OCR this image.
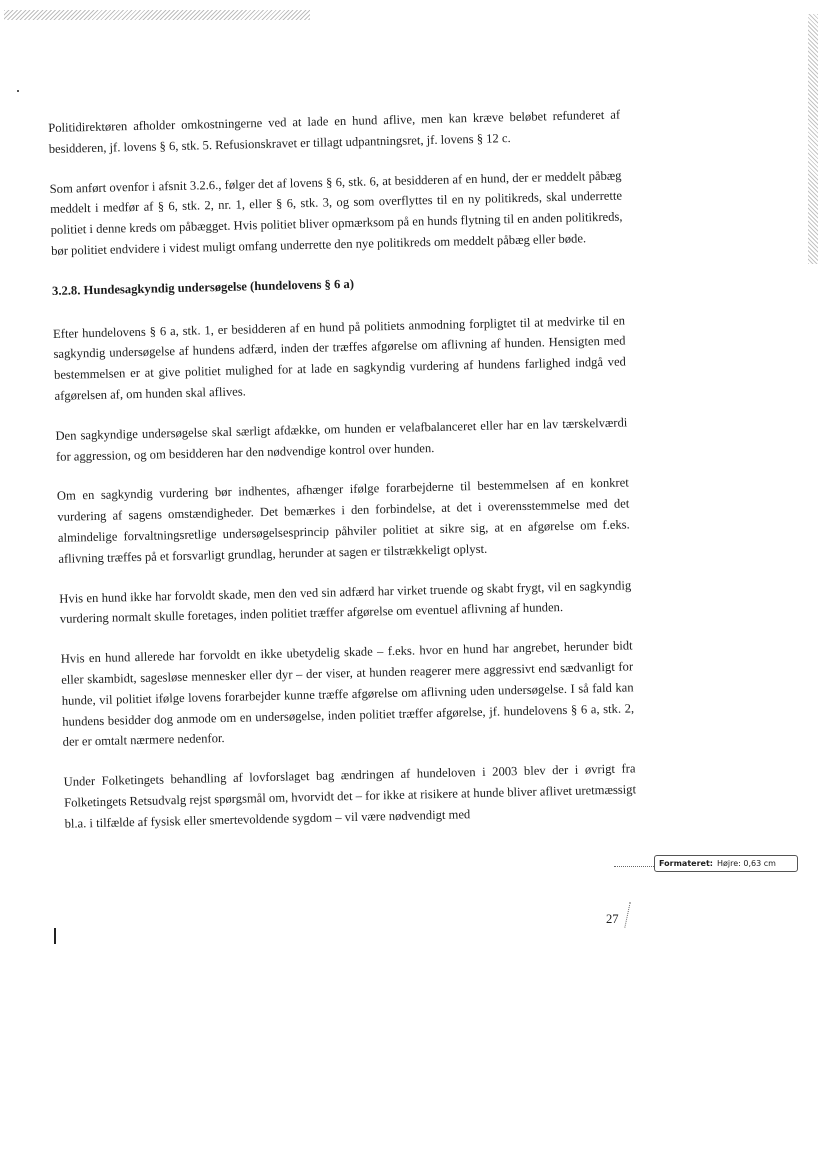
Politidirektøren afholder omkostningerne ved at lade en hund aflive, men kan kræve beløbet refunderet af besidderen, jf. lovens § 6, stk. 5. Refusionskravet er tillagt udpantningsret, jf. lovens § 12 c.

Som anført ovenfor i afsnit 3.2.6., følger det af lovens § 6, stk. 6, at besidderen af en hund, der er meddelt påbæg meddelt i medfør af § 6, stk. 2, nr. 1, eller § 6, stk. 3, og som overflyttes til en ny politikreds, skal underrette politiet i denne kreds om påbægget. Hvis politiet bliver opmærksom på en hunds flytning til en anden politikreds, bør politiet endvidere i videst muligt omfang underrette den nye politikreds om meddelt påbæg eller bøde.

3.2.8. Hundesagkyndig undersøgelse (hundelovens § 6 a)

Efter hundelovens § 6 a, stk. 1, er besidderen af en hund på politiets anmodning forpligtet til at medvirke til en sagkyndig undersøgelse af hundens adfærd, inden der træffes afgørelse om aflivning af hunden. Hensigten med bestemmelsen er at give politiet mulighed for at lade en sagkyndig vurdering af hundens farlighed indgå ved afgørelsen af, om hunden skal aflives.

Den sagkyndige undersøgelse skal særligt afdække, om hunden er velafbalanceret eller har en lav tærskelværdi for aggression, og om besidderen har den nødvendige kontrol over hunden.

Om en sagkyndig vurdering bør indhentes, afhænger ifølge forarbejderne til bestemmelsen af en konkret vurdering af sagens omstændigheder. Det bemærkes i den forbindelse, at det i overensstemmelse med det almindelige forvaltningsretlige undersøgelsesprincip påhviler politiet at sikre sig, at en afgørelse om f.eks. aflivning træffes på et forsvarligt grundlag, herunder at sagen er tilstrækkeligt oplyst.

Hvis en hund ikke har forvoldt skade, men den ved sin adfærd har virket truende og skabt frygt, vil en sagkyndig vurdering normalt skulle foretages, inden politiet træffer afgørelse om eventuel aflivning af hunden.

Hvis en hund allerede har forvoldt en ikke ubetydelig skade – f.eks. hvor en hund har angrebet, herunder bidt eller skambidt, sagesløse mennesker eller dyr – der viser, at hunden reagerer mere aggressivt end sædvanligt for hunde, vil politiet ifølge lovens forarbejder kunne træffe afgørelse om aflivning uden undersøgelse. I så fald kan hundens besidder dog anmode om en undersøgelse, inden politiet træffer afgørelse, jf. hundelovens § 6 a, stk. 2, der er omtalt nærmere nedenfor.

Under Folketingets behandling af lovforslaget bag ændringen af hundeloven i 2003 blev der i øvrigt fra Folketingets Retsudvalg rejst spørgsmål om, hvorvidt det – for ikke at risikere at hunde bliver aflivet uretmæssigt bl.a. i tilfælde af fysisk eller smertevoldende sygdom – vil være nødvendigt med

Formateret: Højre: 0,63 cm
27
